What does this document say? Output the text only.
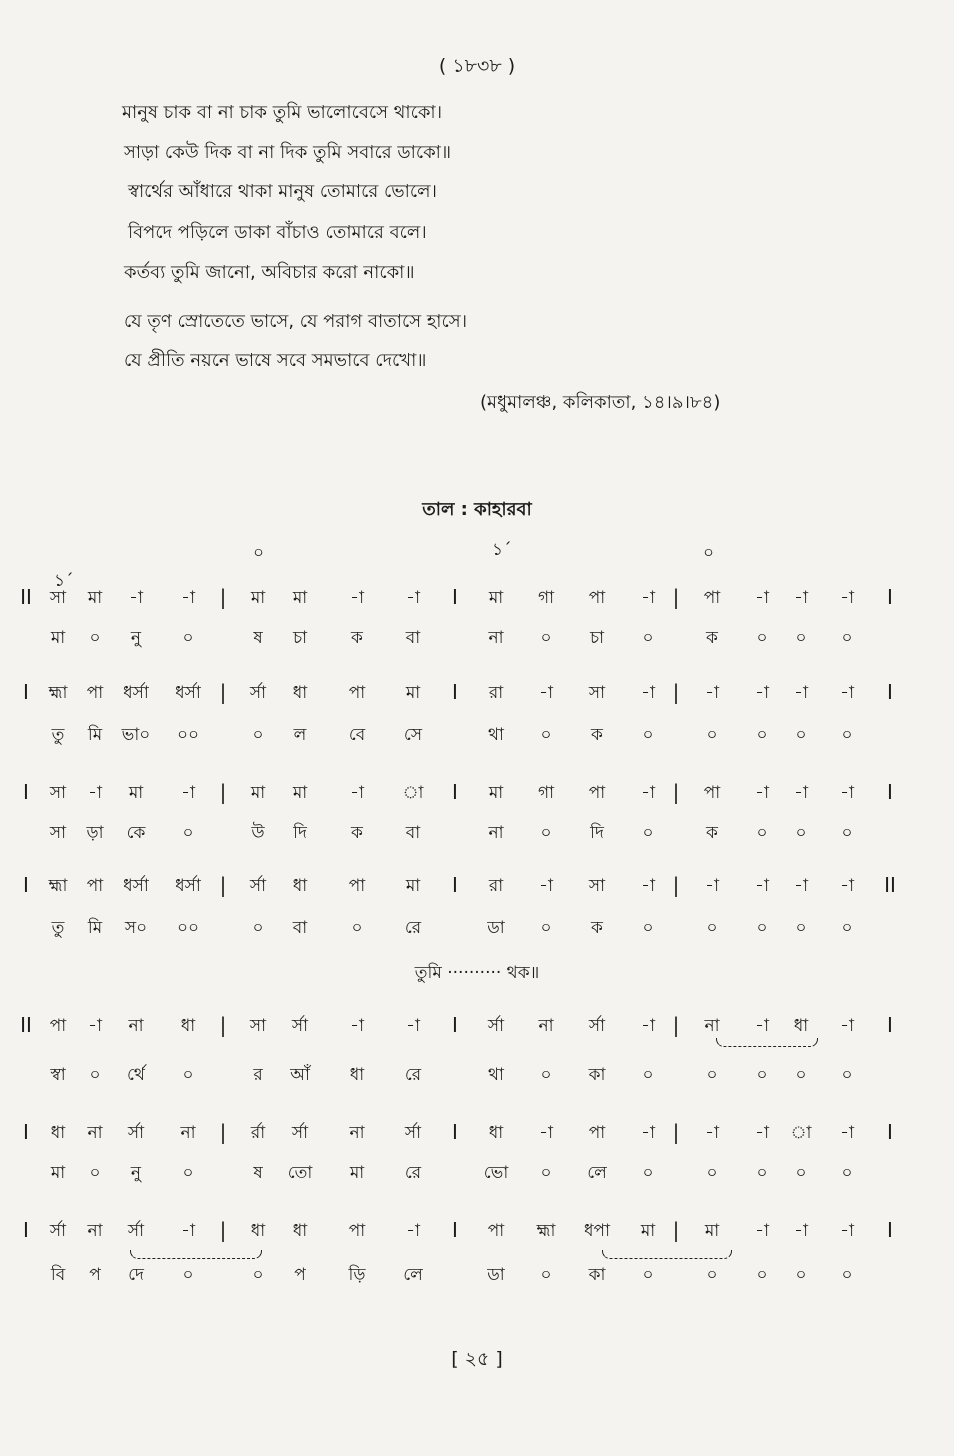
( ১৮৩৮ )
মানুষ চাক বা না চাক তুমি ভালোবেসে থাকো।
সাড়া কেউ দিক বা না দিক তুমি সবারে ডাকো॥
স্বার্থের আঁধারে থাকা মানুষ তোমারে ভোলে।
বিপদে পড়িলে ডাকা বাঁচাও তোমারে বলে।
কর্তব্য তুমি জানো, অবিচার করো নাকো॥
যে তৃণ স্রোতেতে ভাসে, যে পরাগ বাতাসে হাসে।
যে প্রীতি নয়নে ভাষে সবে সমভাবে দেখো॥
(মধুমালঞ্চ, কলিকাতা, ১৪।৯।৮৪)
তাল : কাহারবা
১´
০	১´	০
II সা মা -া -া | মা মা	-া -া I মা গা পা -া | পা -া -া -া I
মা ০ নু ০	ষ চা	ক	বা	না ০ চা ০	ক ০ ০ ০
I হ্মা পা ধর্সা ধর্সা | র্সা ধা পা মা I রা -া সা -া | -া -া -া -া I
তু মি ভা০ ০০	০ ল বে সে	থা ০ ক ০	০ ০ ০ ০
I সা -া মা -া | মা মা	-া া I মা গা পা -া | পা -া -া -া I
সা ড়া কে ০	উ দি	ক	বা	না ০ দি ০	ক ০ ০ ০
I হ্মা পা ধর্সা ধর্সা | র্সা ধা পা মা I রা -া সা -া | -া -া -া -া II
তু মি স০ ০০	০ বা	০ রে	ডা ০ ক ০	০ ০ ০ ০
II পা -া না ধা | সা র্সা -া -া I র্সা না র্সা -া | না -া ধা -া I
স্বা ০ র্থে ০	র আঁ ধা রে	থা ০ কা ০	০ ০ ০ ০
I ধা না র্সা না | র্রা র্সা না র্সা I ধা -া পা -া | -া -া া -া I
মা ০ নু ০	ষ তো মা রে	ভো ০ লে ০	০ ০ ০ ০
I র্সা না র্সা -া | ধা ধা পা -া I পা হ্মা ধপা মা | মা -া -া -া I
বি প দে ০	০ প	ড়ি লে	ডা ০ কা ০	০ ০ ০ ০
তুমি ·········· থক॥
[ ২৫ ]
